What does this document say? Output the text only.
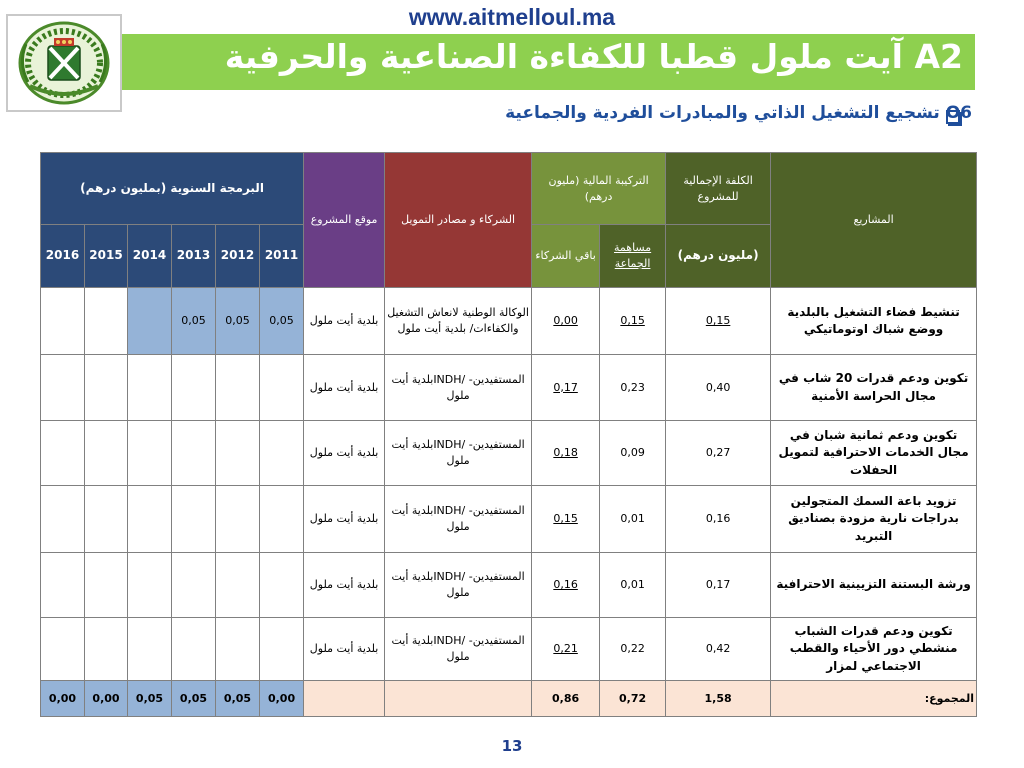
www.aitmelloul.ma
A2 آيت ملول قطبا للكفاءة الصناعية والحرفية
O6 تشجيع التشغيل الذاتي والمبادرات الفردية والجماعية
البرمجة السنوية (بمليون درهم)						موقع المشروع	الشركاء و مصادر التمويل	التركيبة المالية (مليون درهم)		الكلفة الإجمالية للمشروع	المشاريع
2016	2015	2014	2013	2012	2011			باقي الشركاء	مساهمة الجماعة	(مليون درهم)	
			0,05	0,05	0,05	بلدية أيت ملول	الوكالة الوطنية لانعاش التشغيل والكفاءات/ بلدية أيت ملول	0,00	0,15	0,15	تنشيط فضاء التشغيل بالبلدية ووضع شباك اوتوماتيكي
						بلدية أيت ملول	المستفيدين- /INDHبلدية أيت ملول	0,17	0,23	0,40	تكوين ودعم قدرات 20 شاب في مجال الحراسة الأمنية
						بلدية أيت ملول	المستفيدين- /INDHبلدية أيت ملول	0,18	0,09	0,27	تكوين ودعم ثمانية شبان في مجال الخدمات الاحترافية لتمويل الحفلات
						بلدية أيت ملول	المستفيدين- /INDHبلدية أيت ملول	0,15	0,01	0,16	تزويد باعة السمك المتجولين بدراجات نارية مزودة بصناديق التبريد
						بلدية أيت ملول	المستفيدين- /INDHبلدية أيت ملول	0,16	0,01	0,17	ورشة البستنة التزيينية الاحترافية
						بلدية أيت ملول	المستفيدين- /INDHبلدية أيت ملول	0,21	0,22	0,42	تكوين ودعم قدرات الشباب منشطي دور الأحياء والقطب الاجتماعي لمزار
0,00	0,00	0,05	0,05	0,05	0,00			0,86	0,72	1,58	المجموع:
13
